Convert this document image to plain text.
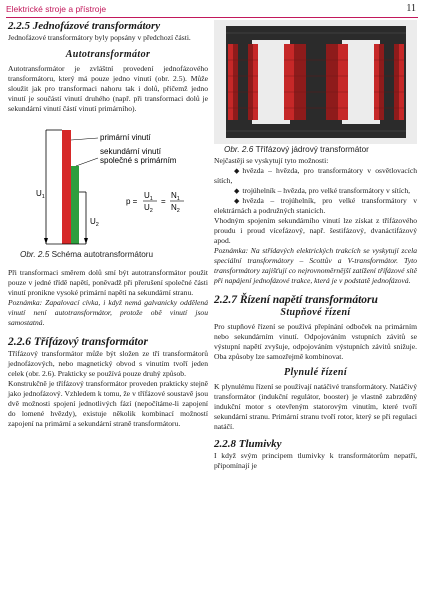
Elektrické stroje a přístroje	11
2.2.5 Jednofázové transformátory

Jednofázové transformátory byly popsány v předchozí části.

Autotransformátor

Autotransformátor je zvláštní provedení jednofázového transformátoru, který má pouze jedno vinutí (obr. 2.5). Může sloužit jak pro transformaci nahoru tak i dolů, přičemž jedno vinutí je součástí vinutí druhého (např. při transformaci dolů je sekundární vinutí částí vinutí primárního).

primární vinutí
sekundární vinutí
společné s primárním
$U_1$
$U_2$
p =
$U_1$
$U_2$
=
$N_1$
$N_2$
Obr. 2.5 Schéma autotransformátoru

Při transformaci směrem dolů smí být autotransformátor použit pouze v jedné třídě napětí, poněvadž při přerušení společné části vinutí pronikne vysoké primární napětí na sekundární stranu.

Poznámka: Zapalovací cívka, i když nemá galvanicky oddělená vinutí není autotransformátor, protože obě vinutí jsou samostatná.

2.2.6 Třífázový transformátor

Třífázový transformátor může být složen ze tří transformátorů jednofázových, nebo magnetický obvod s vinutím tvoří jeden celek (obr. 2.6). Prakticky se používá pouze druhý způsob.

Konstrukčně je třífázový transformátor proveden prakticky stejně jako jednofázový. Vzhledem k tomu, že v třífázové soustavě jsou dvě možnosti spojení jednotlivých fází (nepočítáme-li zapojení do lomené hvězdy), existuje několik kombinací možností zapojení na primární a sekundární straně transformátoru.

Obr. 2.6 Třífázový jádrový transformátor

Nejčastěji se vyskytují tyto možnosti:

◆ hvězda – hvězda, pro transformátory v osvětlovacích sítích,
◆ trojúhelník – hvězda, pro velké transformátory v sítích,
◆ hvězda – trojúhelník, pro velké transformátory v elektrárnách a podružných stanicích.

Vhodným spojením sekundárního vinutí lze získat z třífázového proudu i proud vícefázový, např. šestifázový, dvanáctifázový apod.

Poznámka: Na střídavých elektrických trakcích se vyskytují zcela speciální transformátory – Scottův a V-transformátor. Tyto transformátory zajišťují co nejrovnoměrnější zatížení třífázové sítě při napájení jednofázové trakce, která je v podstatě jednofázová.

2.2.7 Řízení napětí transformátoru
Stupňové řízení

Pro stupňové řízení se používá přepínání odboček na primárním nebo sekundárním vinutí. Odpojováním vstupních závitů se výstupní napětí zvyšuje, odpojováním výstupních závitů snižuje. Oba způsoby lze samozřejmě kombinovat.

Plynulé řízení

K plynulému řízení se používají natáčivé transformátory. Natáčivý transformátor (indukční regulátor, booster) je vlastně zabrzděný indukční motor s otevřeným statorovým vinutím, které tvoří sekundární stranu. Primární stranu tvoří rotor, který se při regulaci natáčí.

2.2.8 Tlumivky

I když svým principem tlumivky k transformátorům nepatří, připomínají je
